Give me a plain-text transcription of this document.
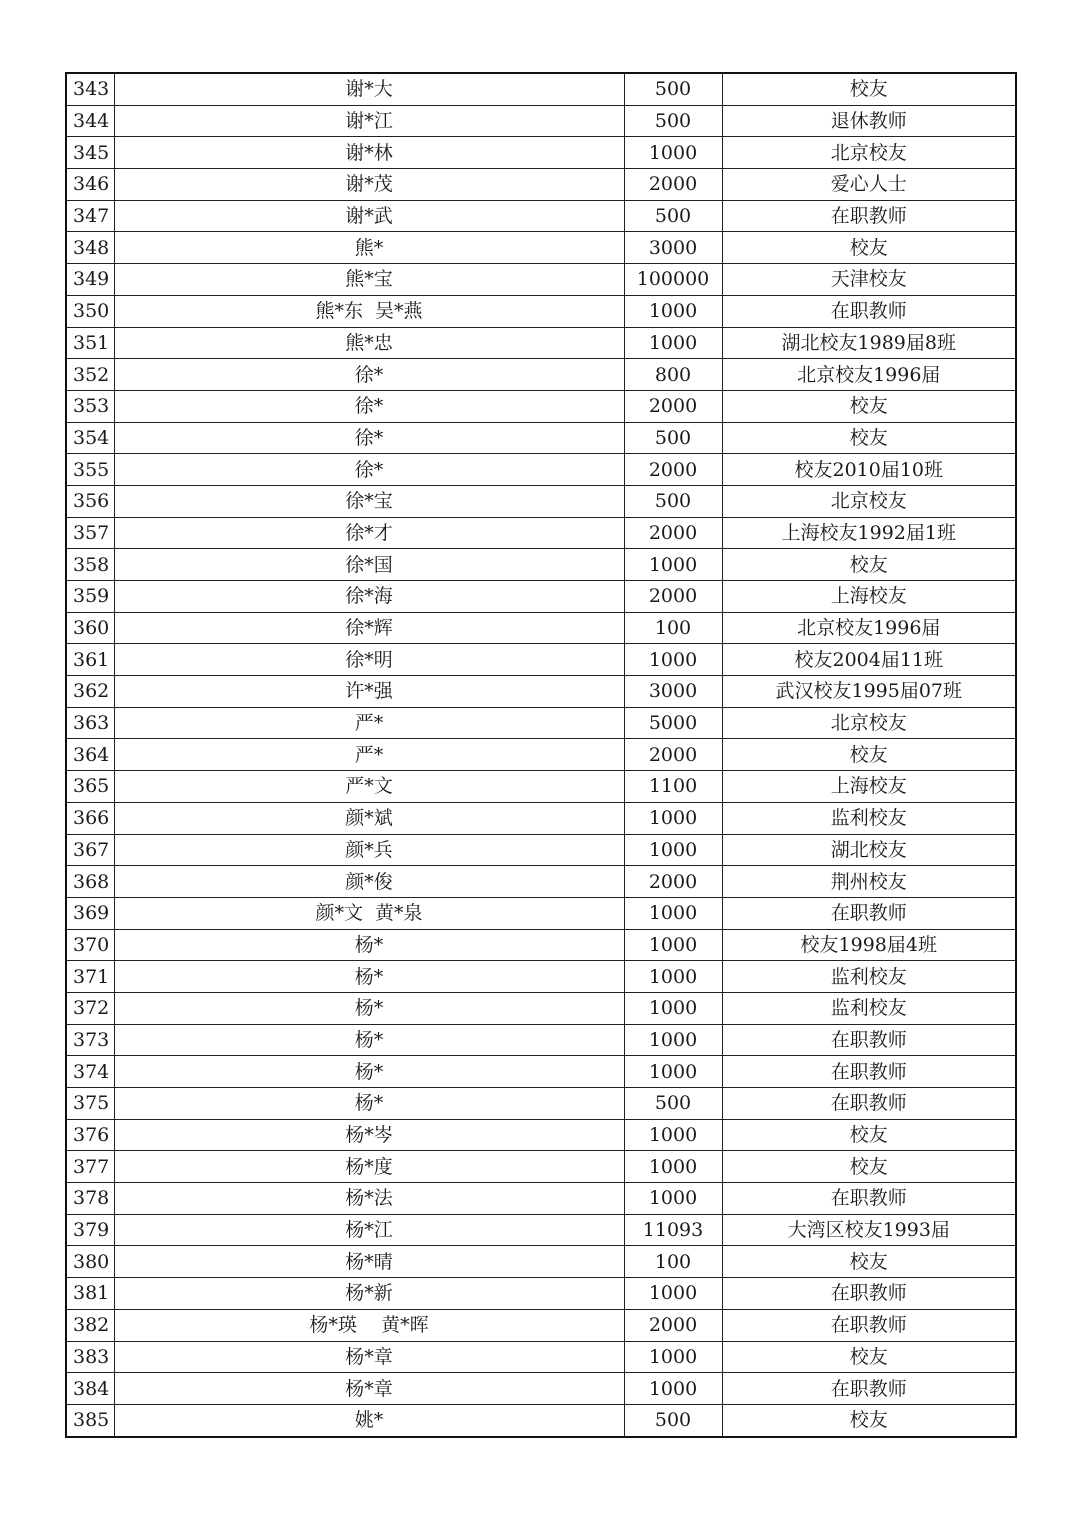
343	谢*大	500	校友
344	谢*江	500	退休教师
345	谢*林	1000	北京校友
346	谢*茂	2000	爱心人士
347	谢*武	500	在职教师
348	熊*	3000	校友
349	熊*宝	100000	天津校友
350	熊*东  吴*燕	1000	在职教师
351	熊*忠	1000	湖北校友1989届8班
352	徐*	800	北京校友1996届
353	徐*	2000	校友
354	徐*	500	校友
355	徐*	2000	校友2010届10班
356	徐*宝	500	北京校友
357	徐*才	2000	上海校友1992届1班
358	徐*国	1000	校友
359	徐*海	2000	上海校友
360	徐*辉	100	北京校友1996届
361	徐*明	1000	校友2004届11班
362	许*强	3000	武汉校友1995届07班
363	严*	5000	北京校友
364	严*	2000	校友
365	严*文	1100	上海校友
366	颜*斌	1000	监利校友
367	颜*兵	1000	湖北校友
368	颜*俊	2000	荆州校友
369	颜*文  黄*泉	1000	在职教师
370	杨*	1000	校友1998届4班
371	杨*	1000	监利校友
372	杨*	1000	监利校友
373	杨*	1000	在职教师
374	杨*	1000	在职教师
375	杨*	500	在职教师
376	杨*岑	1000	校友
377	杨*度	1000	校友
378	杨*法	1000	在职教师
379	杨*江	11093	大湾区校友1993届
380	杨*晴	100	校友
381	杨*新	1000	在职教师
382	杨*瑛    黄*晖	2000	在职教师
383	杨*章	1000	校友
384	杨*章	1000	在职教师
385	姚*	500	校友
